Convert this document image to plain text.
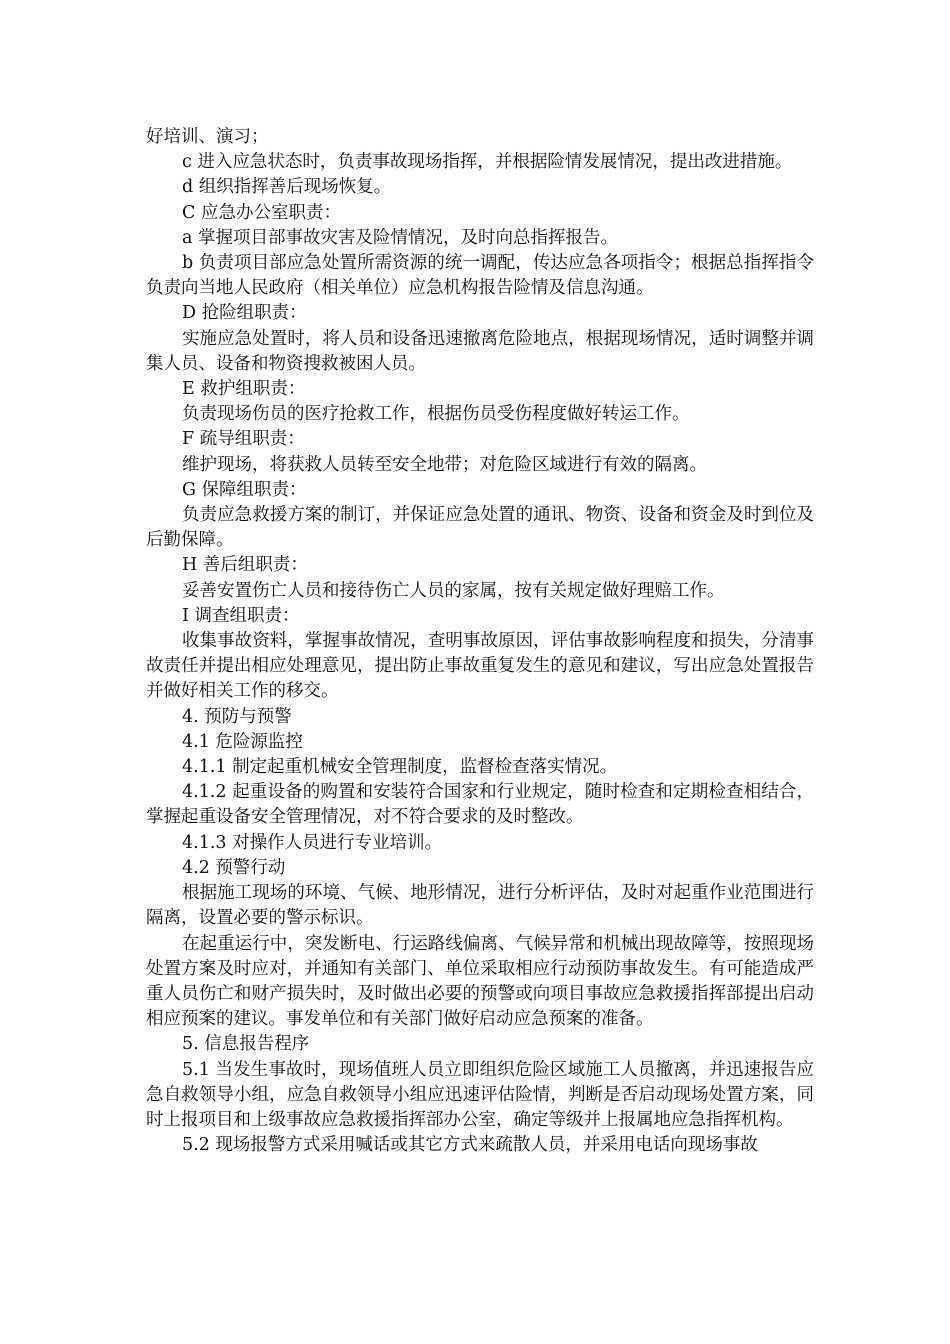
好培训、演习；

c 进入应急状态时，负责事故现场指挥，并根据险情发展情况，提出改进措施。

d 组织指挥善后现场恢复。

C 应急办公室职责：

a 掌握项目部事故灾害及险情情况，及时向总指挥报告。

b 负责项目部应急处置所需资源的统一调配，传达应急各项指令；根据总指挥指令负责向当地人民政府（相关单位）应急机构报告险情及信息沟通。

D 抢险组职责：

实施应急处置时，将人员和设备迅速撤离危险地点，根据现场情况，适时调整并调集人员、设备和物资搜救被困人员。

E 救护组职责：

负责现场伤员的医疗抢救工作，根据伤员受伤程度做好转运工作。

F 疏导组职责：

维护现场，将获救人员转至安全地带；对危险区域进行有效的隔离。

G 保障组职责：

负责应急救援方案的制订，并保证应急处置的通讯、物资、设备和资金及时到位及后勤保障。

H 善后组职责：

妥善安置伤亡人员和接待伤亡人员的家属，按有关规定做好理赔工作。

I 调查组职责：

收集事故资料，掌握事故情况，查明事故原因，评估事故影响程度和损失，分清事故责任并提出相应处理意见，提出防止事故重复发生的意见和建议，写出应急处置报告并做好相关工作的移交。

4. 预防与预警

4.1 危险源监控

4.1.1 制定起重机械安全管理制度，监督检查落实情况。

4.1.2 起重设备的购置和安装符合国家和行业规定，随时检查和定期检查相结合，掌握起重设备安全管理情况，对不符合要求的及时整改。

4.1.3 对操作人员进行专业培训。

4.2 预警行动

根据施工现场的环境、气候、地形情况，进行分析评估，及时对起重作业范围进行隔离，设置必要的警示标识。

在起重运行中，突发断电、行运路线偏离、气候异常和机械出现故障等，按照现场处置方案及时应对，并通知有关部门、单位采取相应行动预防事故发生。有可能造成严重人员伤亡和财产损失时，及时做出必要的预警或向项目事故应急救援指挥部提出启动相应预案的建议。事发单位和有关部门做好启动应急预案的准备。

5. 信息报告程序

5.1 当发生事故时，现场值班人员立即组织危险区域施工人员撤离，并迅速报告应急自救领导小组，应急自救领导小组应迅速评估险情，判断是否启动现场处置方案，同时上报项目和上级事故应急救援指挥部办公室，确定等级并上报属地应急指挥机构。

5.2 现场报警方式采用喊话或其它方式来疏散人员，并采用电话向现场事故
